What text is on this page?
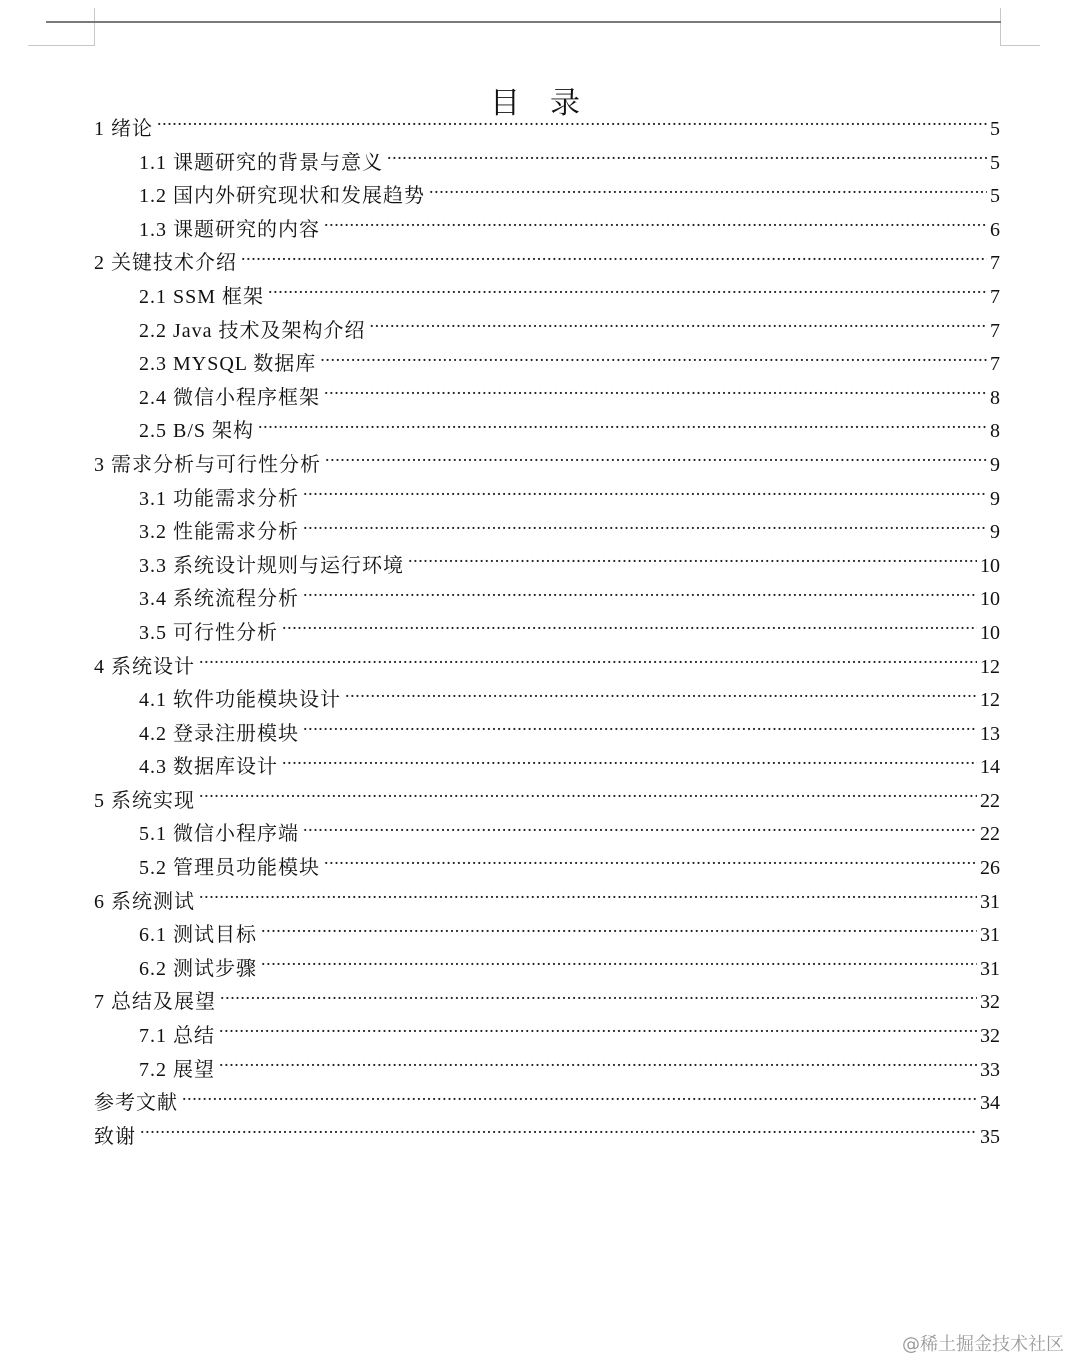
目录
1 绪论 .....	5
1.1 课题研究的背景与意义 .....	5
1.2 国内外研究现状和发展趋势 .....	5
1.3 课题研究的内容 .....	6
2 关键技术介绍 .....	7
2.1 SSM 框架 .....	7
2.2 Java 技术及架构介绍 .....	7
2.3 MYSQL 数据库 .....	7
2.4 微信小程序框架 .....	8
2.5 B/S 架构 .....	8
3 需求分析与可行性分析 .....	9
3.1 功能需求分析 .....	9
3.2 性能需求分析 .....	9
3.3 系统设计规则与运行环境 .....	10
3.4 系统流程分析 .....	10
3.5 可行性分析 .....	10
4 系统设计 .....	12
4.1 软件功能模块设计 .....	12
4.2 登录注册模块 .....	13
4.3 数据库设计 .....	14
5 系统实现 .....	22
5.1 微信小程序端 .....	22
5.2 管理员功能模块 .....	26
6 系统测试 .....	31
6.1 测试目标 .....	31
6.2 测试步骤 .....	31
7 总结及展望 .....	32
7.1 总结 .....	32
7.2 展望 .....	33
参考文献 .....	34
致谢 .....	35
@稀土掘金技术社区
